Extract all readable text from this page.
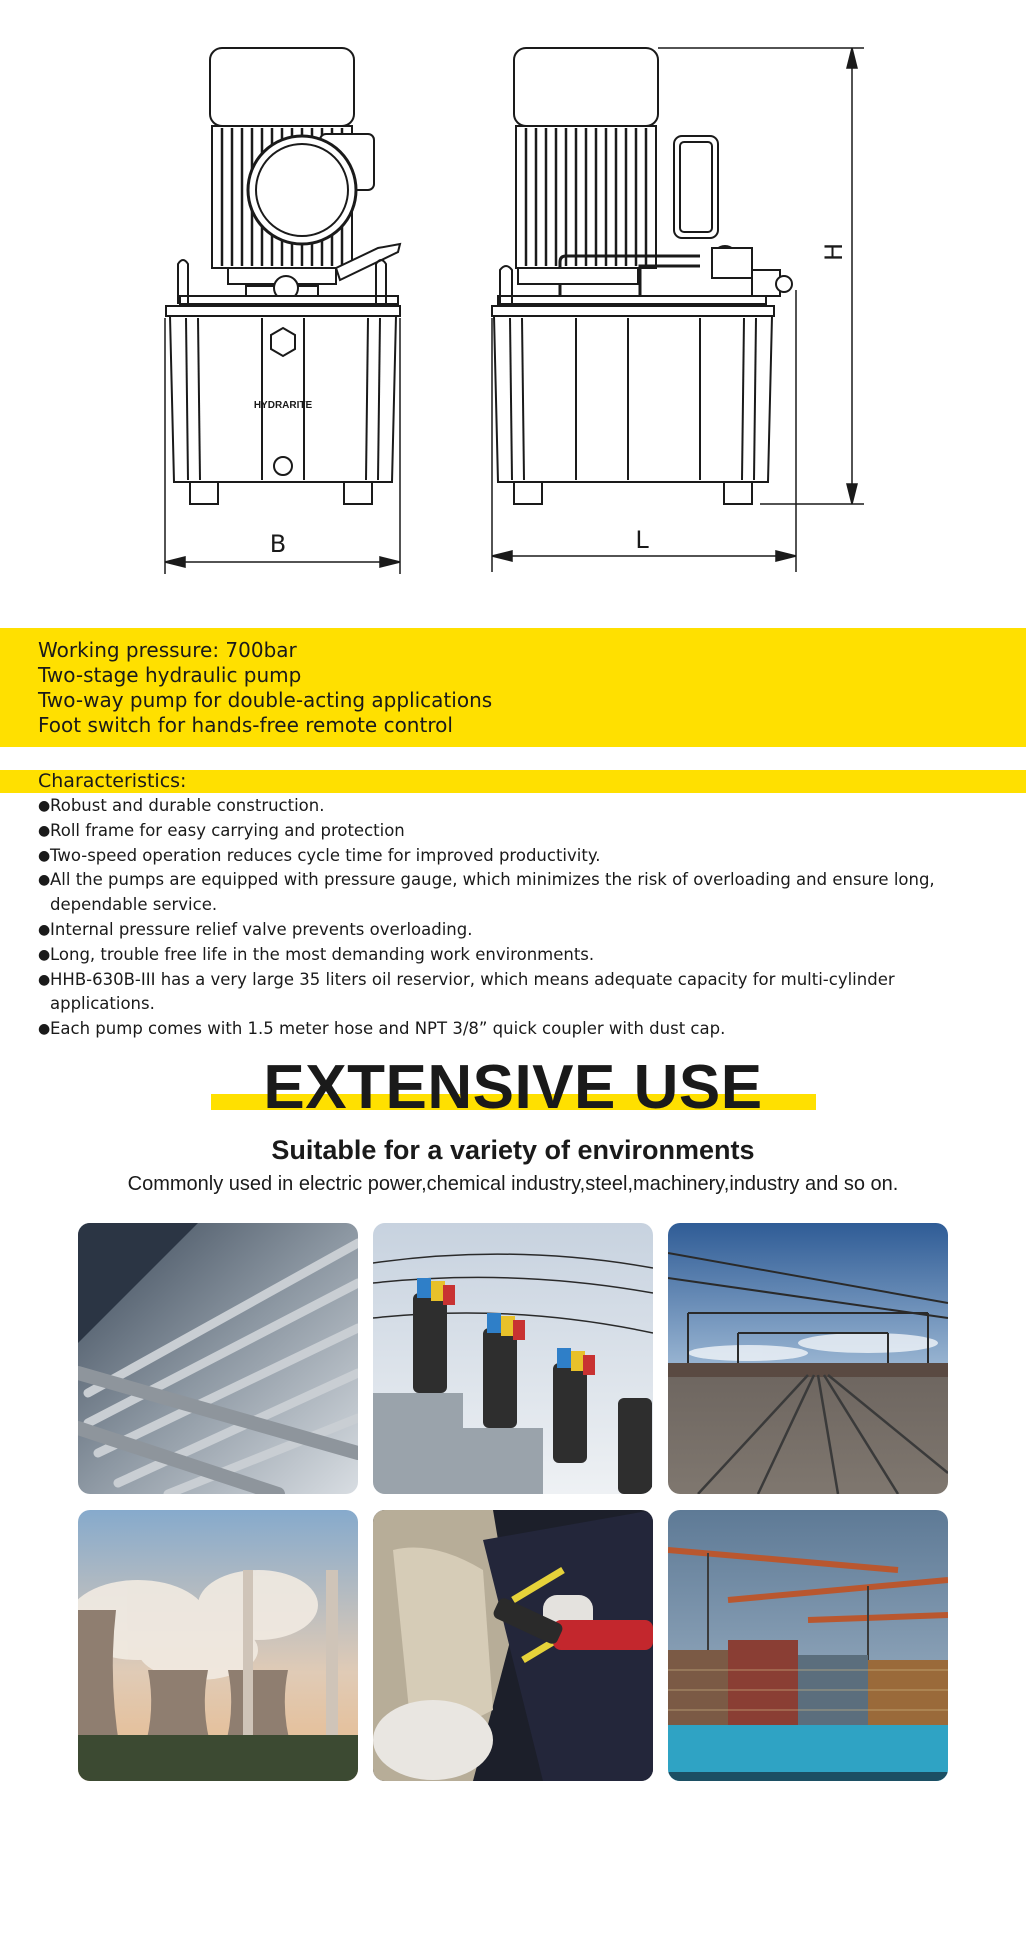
HYDRARITE
B	L
H
Working pressure: 700bar
Two-stage hydraulic pump
Two-way pump for double-acting applications
Foot switch for hands-free remote control
Characteristics:
● Robust and durable construction.
● Roll frame for easy carrying and protection
● Two-speed operation reduces cycle time for improved productivity.
● All the pumps are equipped with pressure gauge, which minimizes the risk of overloading and ensure long, dependable service.
● Internal pressure relief valve prevents overloading.
● Long, trouble free life in the most demanding work environments.
● HHB-630B-III has a very large 35 liters oil reservior, which means adequate capacity for multi-cylinder applications.
● Each pump comes with 1.5 meter hose and NPT 3/8” quick coupler with dust cap.
EXTENSIVE USE
Suitable for a variety of environments

Commonly used in electric power,chemical industry,steel,machinery,industry and so on.
